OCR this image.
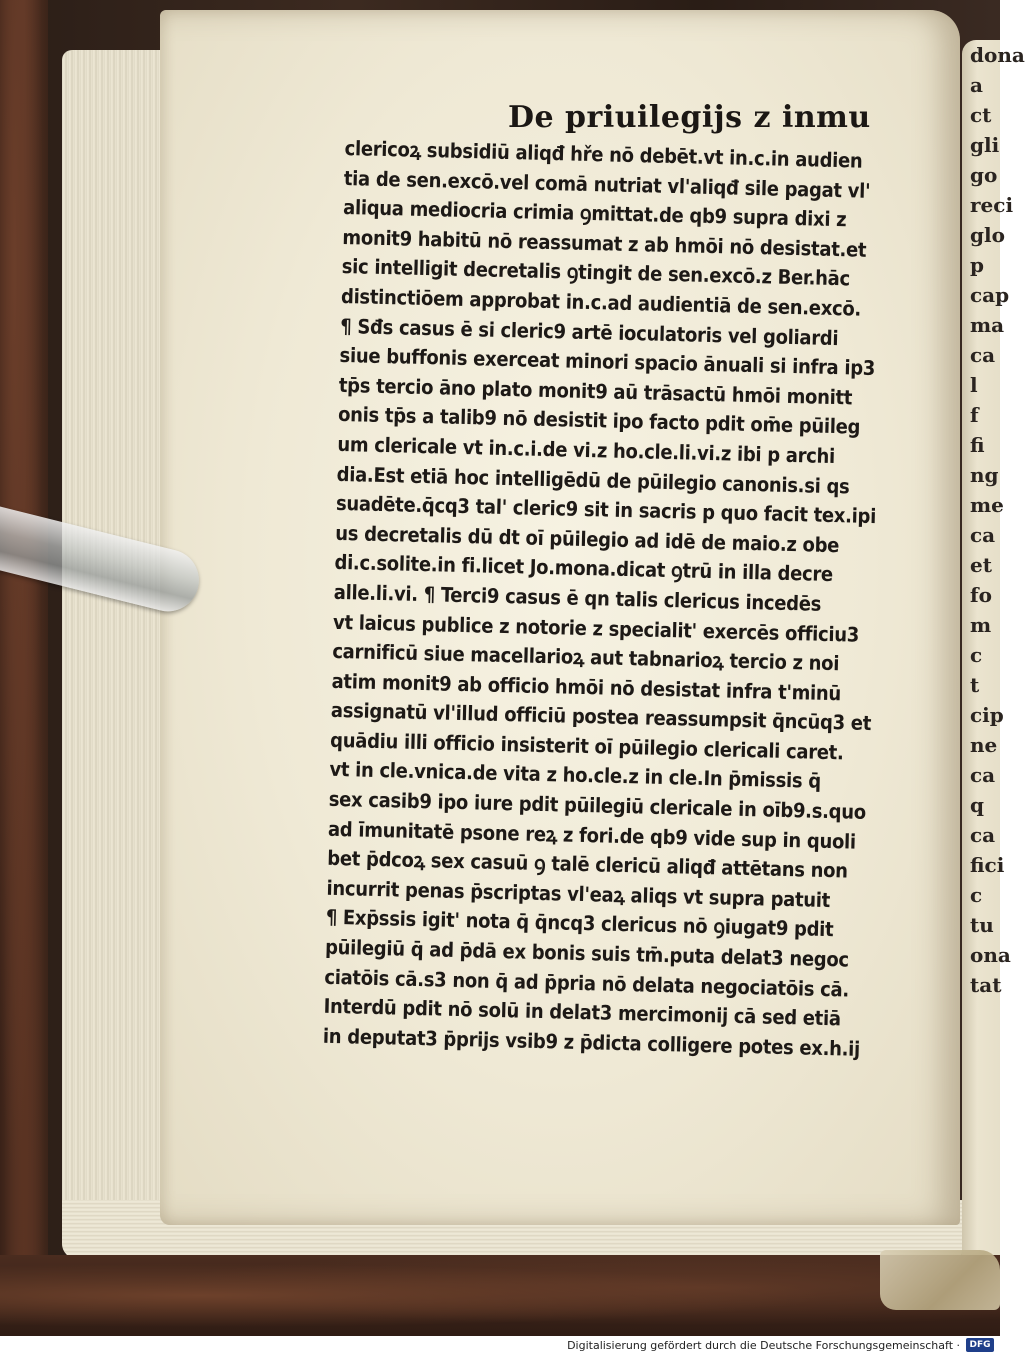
dona
a
ct
gli
go
reci
glo
p
cap
ma
ca
l
f
fi
ng
me
ca
et
fo
m
c
t
cip
ne
ca
q
ca
fici
c
tu
ona
tat
De priuilegijs z inmu
clericoꝝ subsidiū aliqđ hře nō debēt.vt in.c.in audien
tia de sen.excō.vel comā nutriat vl'aliqđ sile pagat vl'
aliqua mediocria crimia ꝯmittat.de qb9 supra dixi z
monit9 habitū nō reassumat z ab hmōi nō desistat.et
sic intelligit decretalis ꝯtingit de sen.excō.z Ber.hāc
distinctiōem approbat in.c.ad audientiā de sen.excō.
¶ Sđs casus ē si cleric9 artē ioculatoris vel goliardi
siue buffonis exerceat minori spacio ānuali si infra ip3
tp̄s tercio āno plato monit9 aū trāsactū hmōi monitt
onis tp̄s a talib9 nō desistit ipo facto pdit om̄e pūileg
um clericale vt in.c.i.de vi.z ho.cle.li.vi.z ibi p archi
dia.Est etiā hoc intelligēdū de pūilegio canonis.si qs
suadēte.q̄cq3 tal' cleric9 sit in sacris p quo facit tex.ipi
us decretalis dū dt oī pūilegio ad idē de maio.z obe
di.c.solite.in fi.licet Jo.mona.dicat ꝯtrū in illa decre
alle.li.vi. ¶ Terci9 casus ē qn talis clericus incedēs
vt laicus publice z notorie z specialit' exercēs officiu3
carnificū siue macellarioꝝ aut tabnarioꝝ tercio z noi
atim monit9 ab officio hmōi nō desistat infra t'minū
assignatū vl'illud officiū postea reassumpsit q̄ncūq3 et
quādiu illi officio insisterit oī pūilegio clericali caret.
vt in cle.vnica.de vita z ho.cle.z in cle.In p̄missis q̄
sex casib9 ipo iure pdit pūilegiū clericale in oīb9.s.quo
ad īmunitatē psone reꝝ z fori.de qb9 vide sup in quoli
bet p̄dcoꝝ sex casuū ꝯ talē clericū aliqđ attētans non
incurrit penas p̄scriptas vl'eaꝝ aliqs vt supra patuit
¶ Exp̄ssis igit' nota q̄ q̄ncq3 clericus nō ꝯiugat9 pdit
pūilegiū q̄ ad p̄dā ex bonis suis tm̄.puta delat3 negoc
ciatōis cā.s3 non q̄ ad p̄pria nō delata negociatōis cā.
Interdū pdit nō solū in delat3 mercimonij cā sed etiā
in deputat3 p̄prijs vsib9 z p̄dicta colligere potes ex.h.ij
Digitalisierung gefördert durch die Deutsche Forschungsgemeinschaft ·	DFG
